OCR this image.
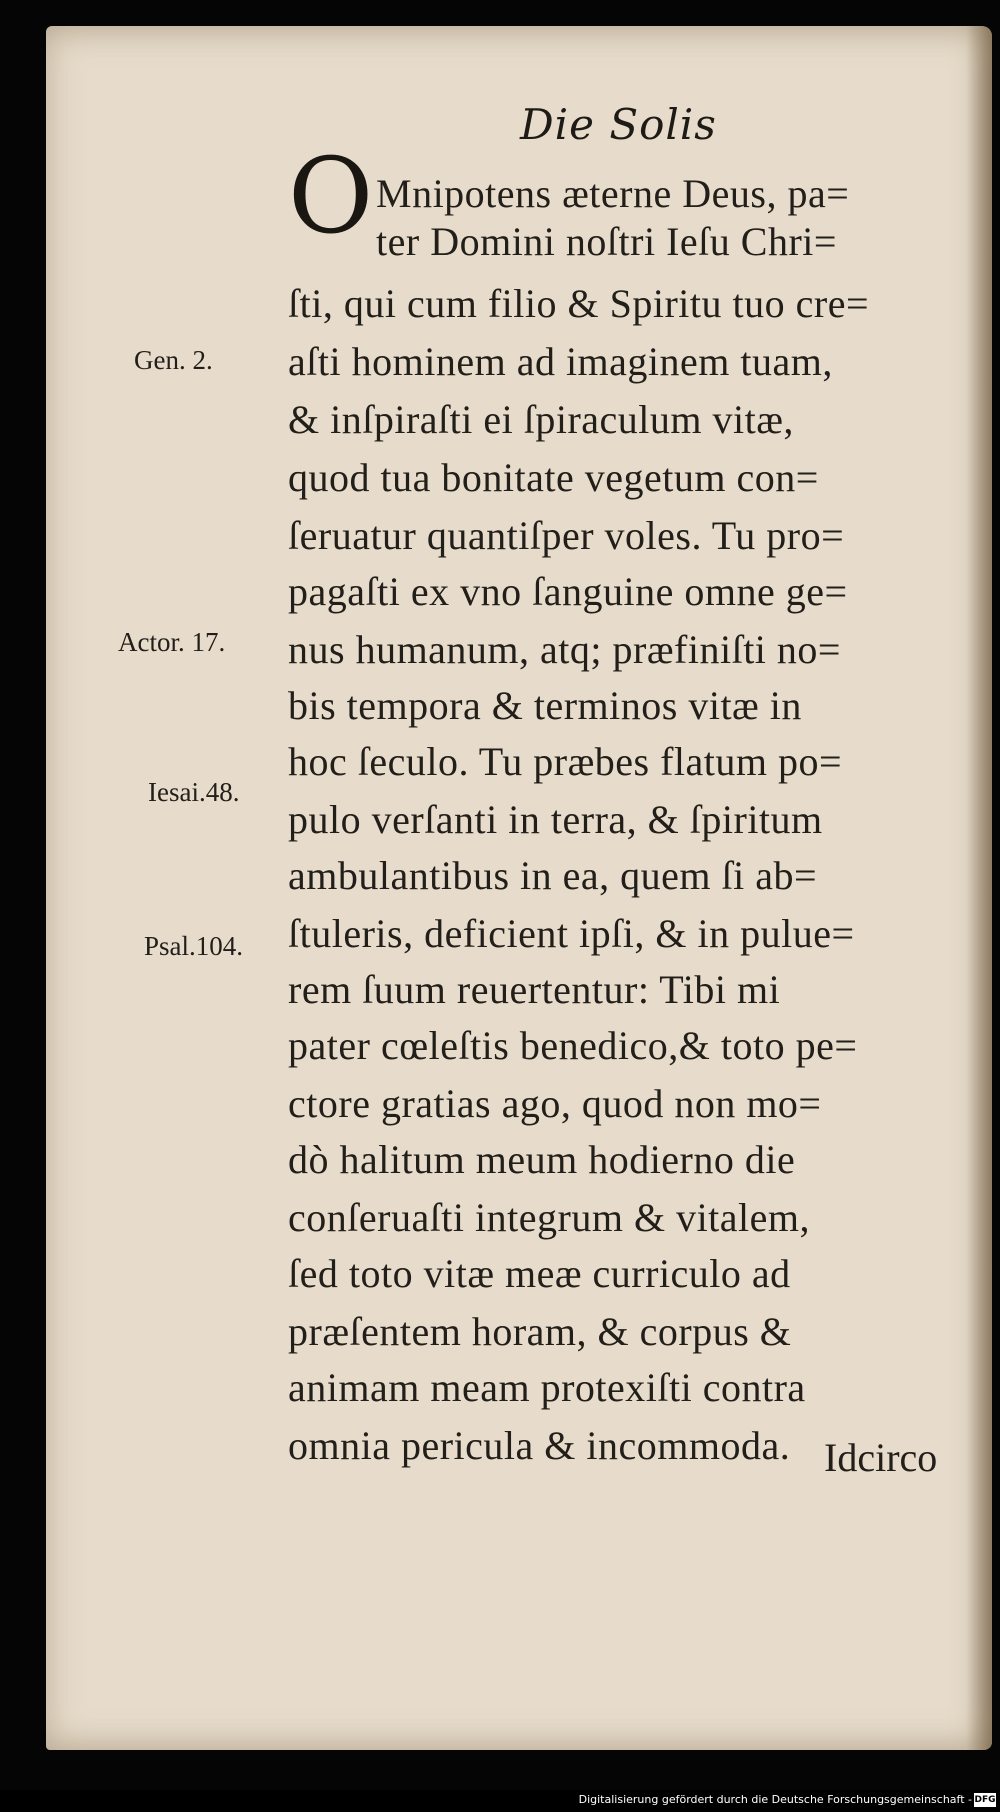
Die Solis
O Mnipotens æterne Deus, pa=
ter Domini noſtri Ieſu Chri=
ſti, qui cum filio & Spiritu tuo cre=
aſti hominem ad imaginem tuam,
& inſpiraſti ei ſpiraculum vitæ,
quod tua bonitate vegetum con=
ſeruatur quantiſper voles. Tu pro=
pagaſti ex vno ſanguine omne ge=
nus humanum, atq; præfiniſti no=
bis tempora & terminos vitæ in
hoc ſeculo. Tu præbes flatum po=
pulo verſanti in terra, & ſpiritum
ambulantibus in ea, quem ſi ab=
ſtuleris, deficient ipſi, & in pulue=
rem ſuum reuertentur: Tibi mi
pater cœleſtis benedico,& toto pe=
ctore gratias ago, quod non mo=
dò halitum meum hodierno die
conſeruaſti integrum & vitalem,
ſed toto vitæ meæ curriculo ad
præſentem horam, & corpus &
animam meam protexiſti contra
omnia pericula & incommoda.
Gen. 2.
Actor. 17.
Iesai.48.
Psal.104.
Idcirco
Digitalisierung gefördert durch die Deutsche Forschungsgemeinschaft - DFG
